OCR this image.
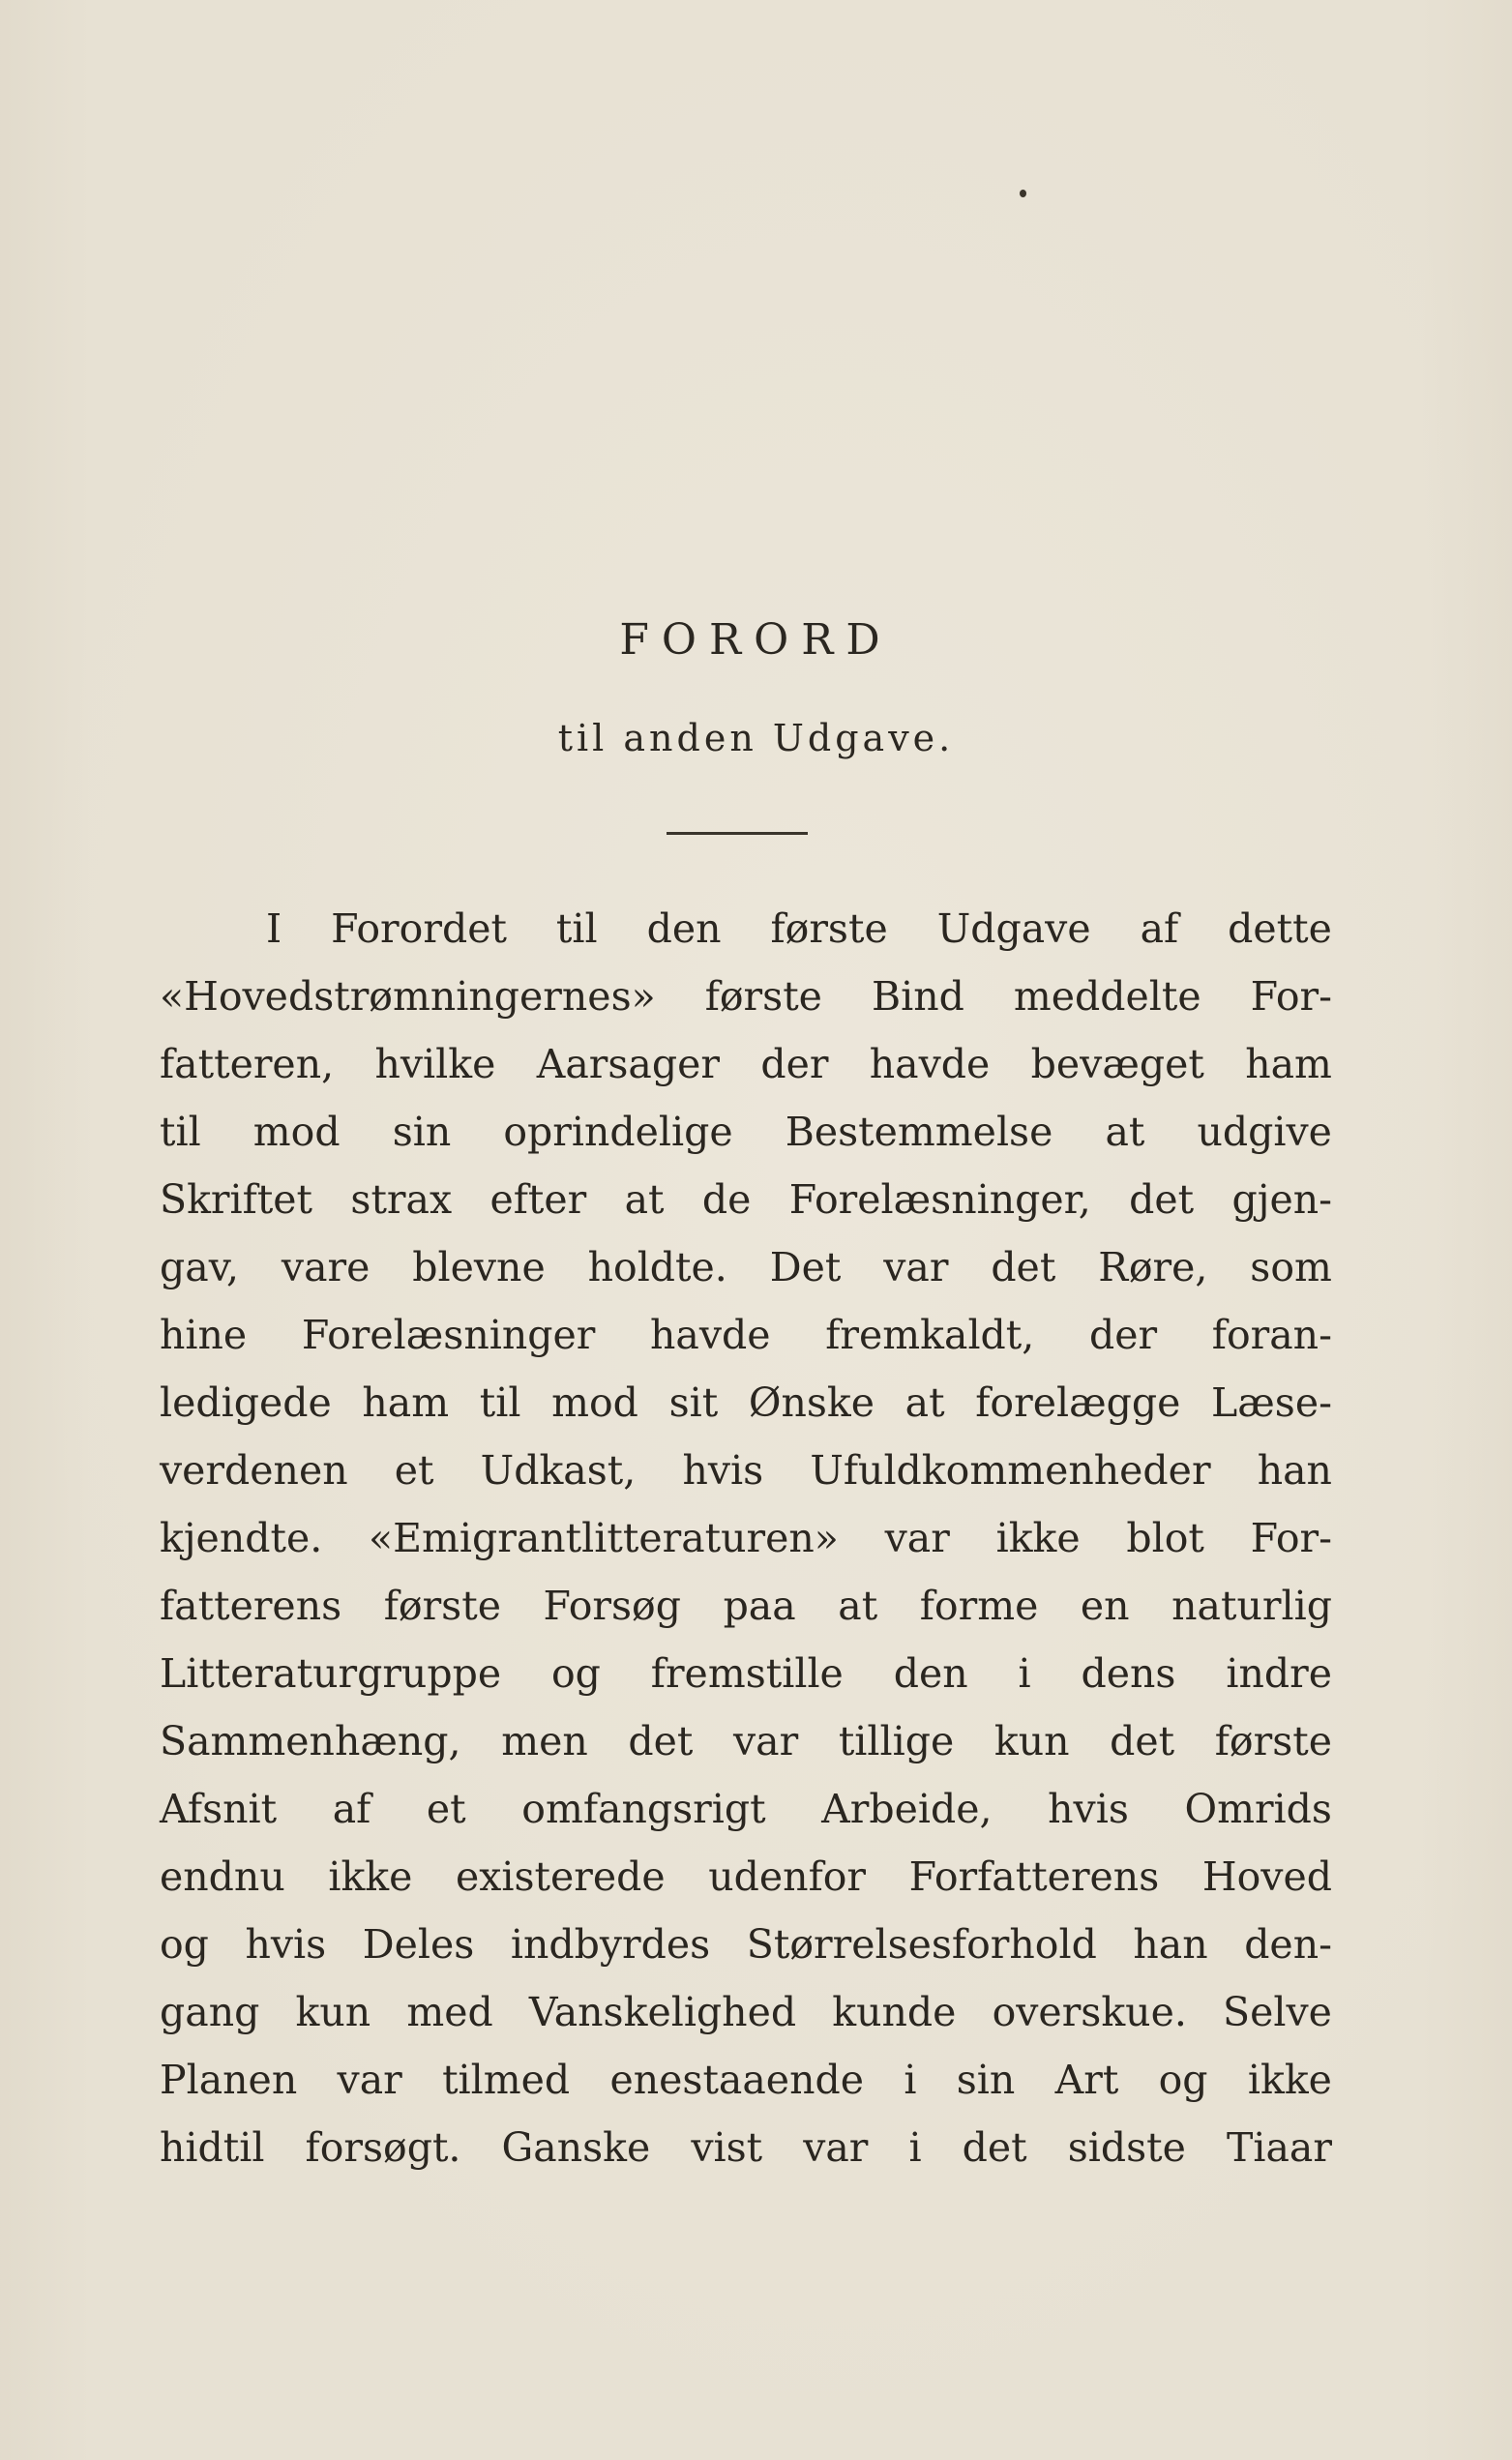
FORORD
til anden Udgave.
I Forordet til den første Udgave af dette
«Hovedstrømningernes» første Bind meddelte For-
fatteren, hvilke Aarsager der havde bevæget ham
til mod sin oprindelige Bestemmelse at udgive
Skriftet strax efter at de Forelæsninger, det gjen-
gav, vare blevne holdte. Det var det Røre, som
hine Forelæsninger havde fremkaldt, der foran-
ledigede ham til mod sit Ønske at forelægge Læse-
verdenen et Udkast, hvis Ufuldkommenheder han
kjendte. «Emigrantlitteraturen» var ikke blot For-
fatterens første Forsøg paa at forme en naturlig
Litteraturgruppe og fremstille den i dens indre
Sammenhæng, men det var tillige kun det første
Afsnit af et omfangsrigt Arbeide, hvis Omrids
endnu ikke existerede udenfor Forfatterens Hoved
og hvis Deles indbyrdes Størrelsesforhold han den-
gang kun med Vanskelighed kunde overskue. Selve
Planen var tilmed enestaaende i sin Art og ikke
hidtil forsøgt. Ganske vist var i det sidste Tiaar
